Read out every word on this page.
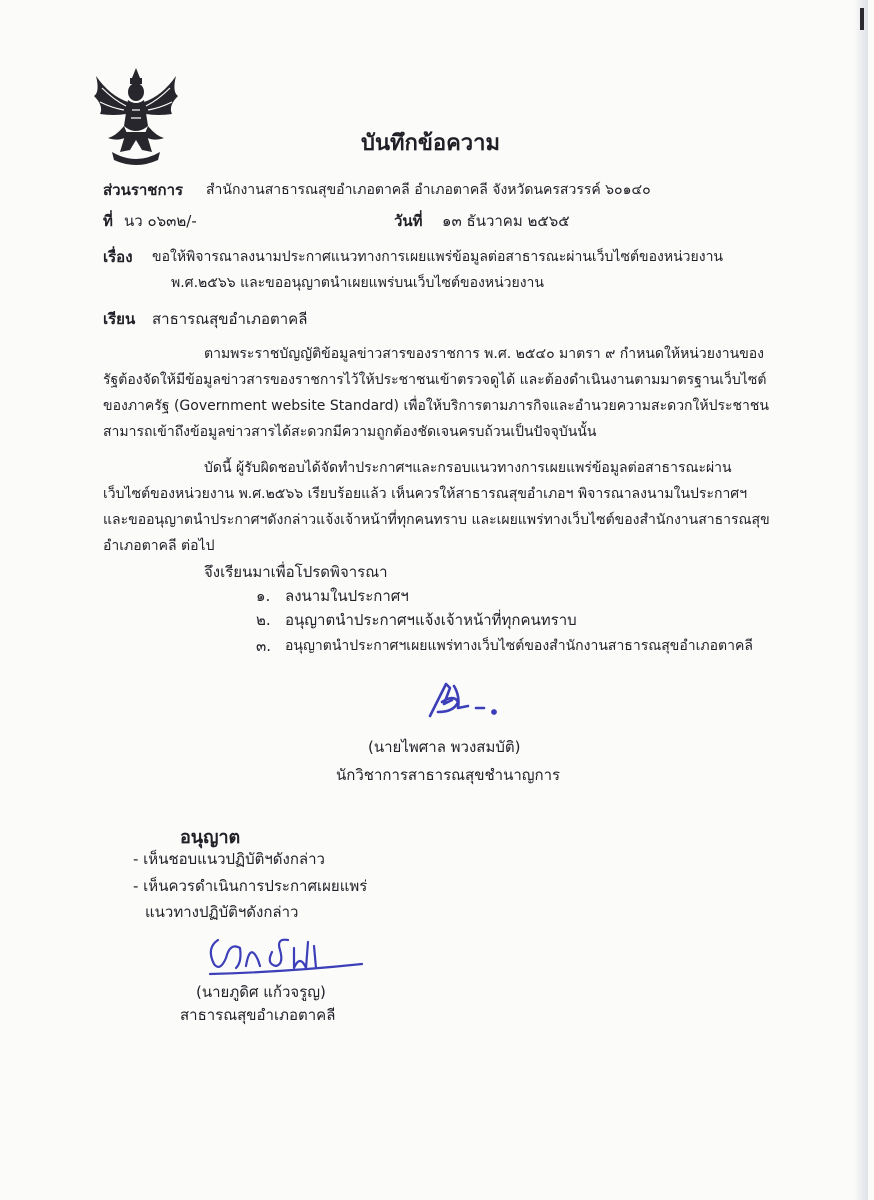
บันทึกข้อความ
ส่วนราชการ สำนักงานสาธารณสุขอำเภอตาคลี อำเภอตาคลี จังหวัดนครสวรรค์ ๖๐๑๔๐
ที่ นว ๐๖๓๒/-	วันที่ ๑๓ ธันวาคม ๒๕๖๕
เรื่อง ขอให้พิจารณาลงนามประกาศแนวทางการเผยแพร่ข้อมูลต่อสาธารณะผ่านเว็บไซต์ของหน่วยงาน
พ.ศ.๒๕๖๖ และขออนุญาตนำเผยแพร่บนเว็บไซต์ของหน่วยงาน
เรียน สาธารณสุขอำเภอตาคลี
ตามพระราชบัญญัติข้อมูลข่าวสารของราชการ พ.ศ. ๒๕๔๐ มาตรา ๙ กำหนดให้หน่วยงานของ
รัฐต้องจัดให้มีข้อมูลข่าวสารของราชการไว้ให้ประชาชนเข้าตรวจดูได้ และต้องดำเนินงานตามมาตรฐานเว็บไซต์
ของภาครัฐ (Government website Standard) เพื่อให้บริการตามภารกิจและอำนวยความสะดวกให้ประชาชน
สามารถเข้าถึงข้อมูลข่าวสารได้สะดวกมีความถูกต้องชัดเจนครบถ้วนเป็นปัจจุบันนั้น
บัดนี้ ผู้รับผิดชอบได้จัดทำประกาศฯและกรอบแนวทางการเผยแพร่ข้อมูลต่อสาธารณะผ่าน
เว็บไซต์ของหน่วยงาน พ.ศ.๒๕๖๖ เรียบร้อยแล้ว เห็นควรให้สาธารณสุขอำเภอฯ พิจารณาลงนามในประกาศฯ
และขออนุญาตนำประกาศฯดังกล่าวแจ้งเจ้าหน้าที่ทุกคนทราบ และเผยแพร่ทางเว็บไซต์ของสำนักงานสาธารณสุข
อำเภอตาคลี ต่อไป
จึงเรียนมาเพื่อโปรดพิจารณา
๑. ลงนามในประกาศฯ
๒. อนุญาตนำประกาศฯแจ้งเจ้าหน้าที่ทุกคนทราบ
๓. อนุญาตนำประกาศฯเผยแพร่ทางเว็บไซต์ของสำนักงานสาธารณสุขอำเภอตาคลี
(นายไพศาล พวงสมบัติ)
นักวิชาการสาธารณสุขชำนาญการ
อนุญาต
- เห็นชอบแนวปฏิบัติฯดังกล่าว
- เห็นควรดำเนินการประกาศเผยแพร่
แนวทางปฏิบัติฯดังกล่าว
(นายภูดิศ แก้วจรูญ)
สาธารณสุขอำเภอตาคลี
